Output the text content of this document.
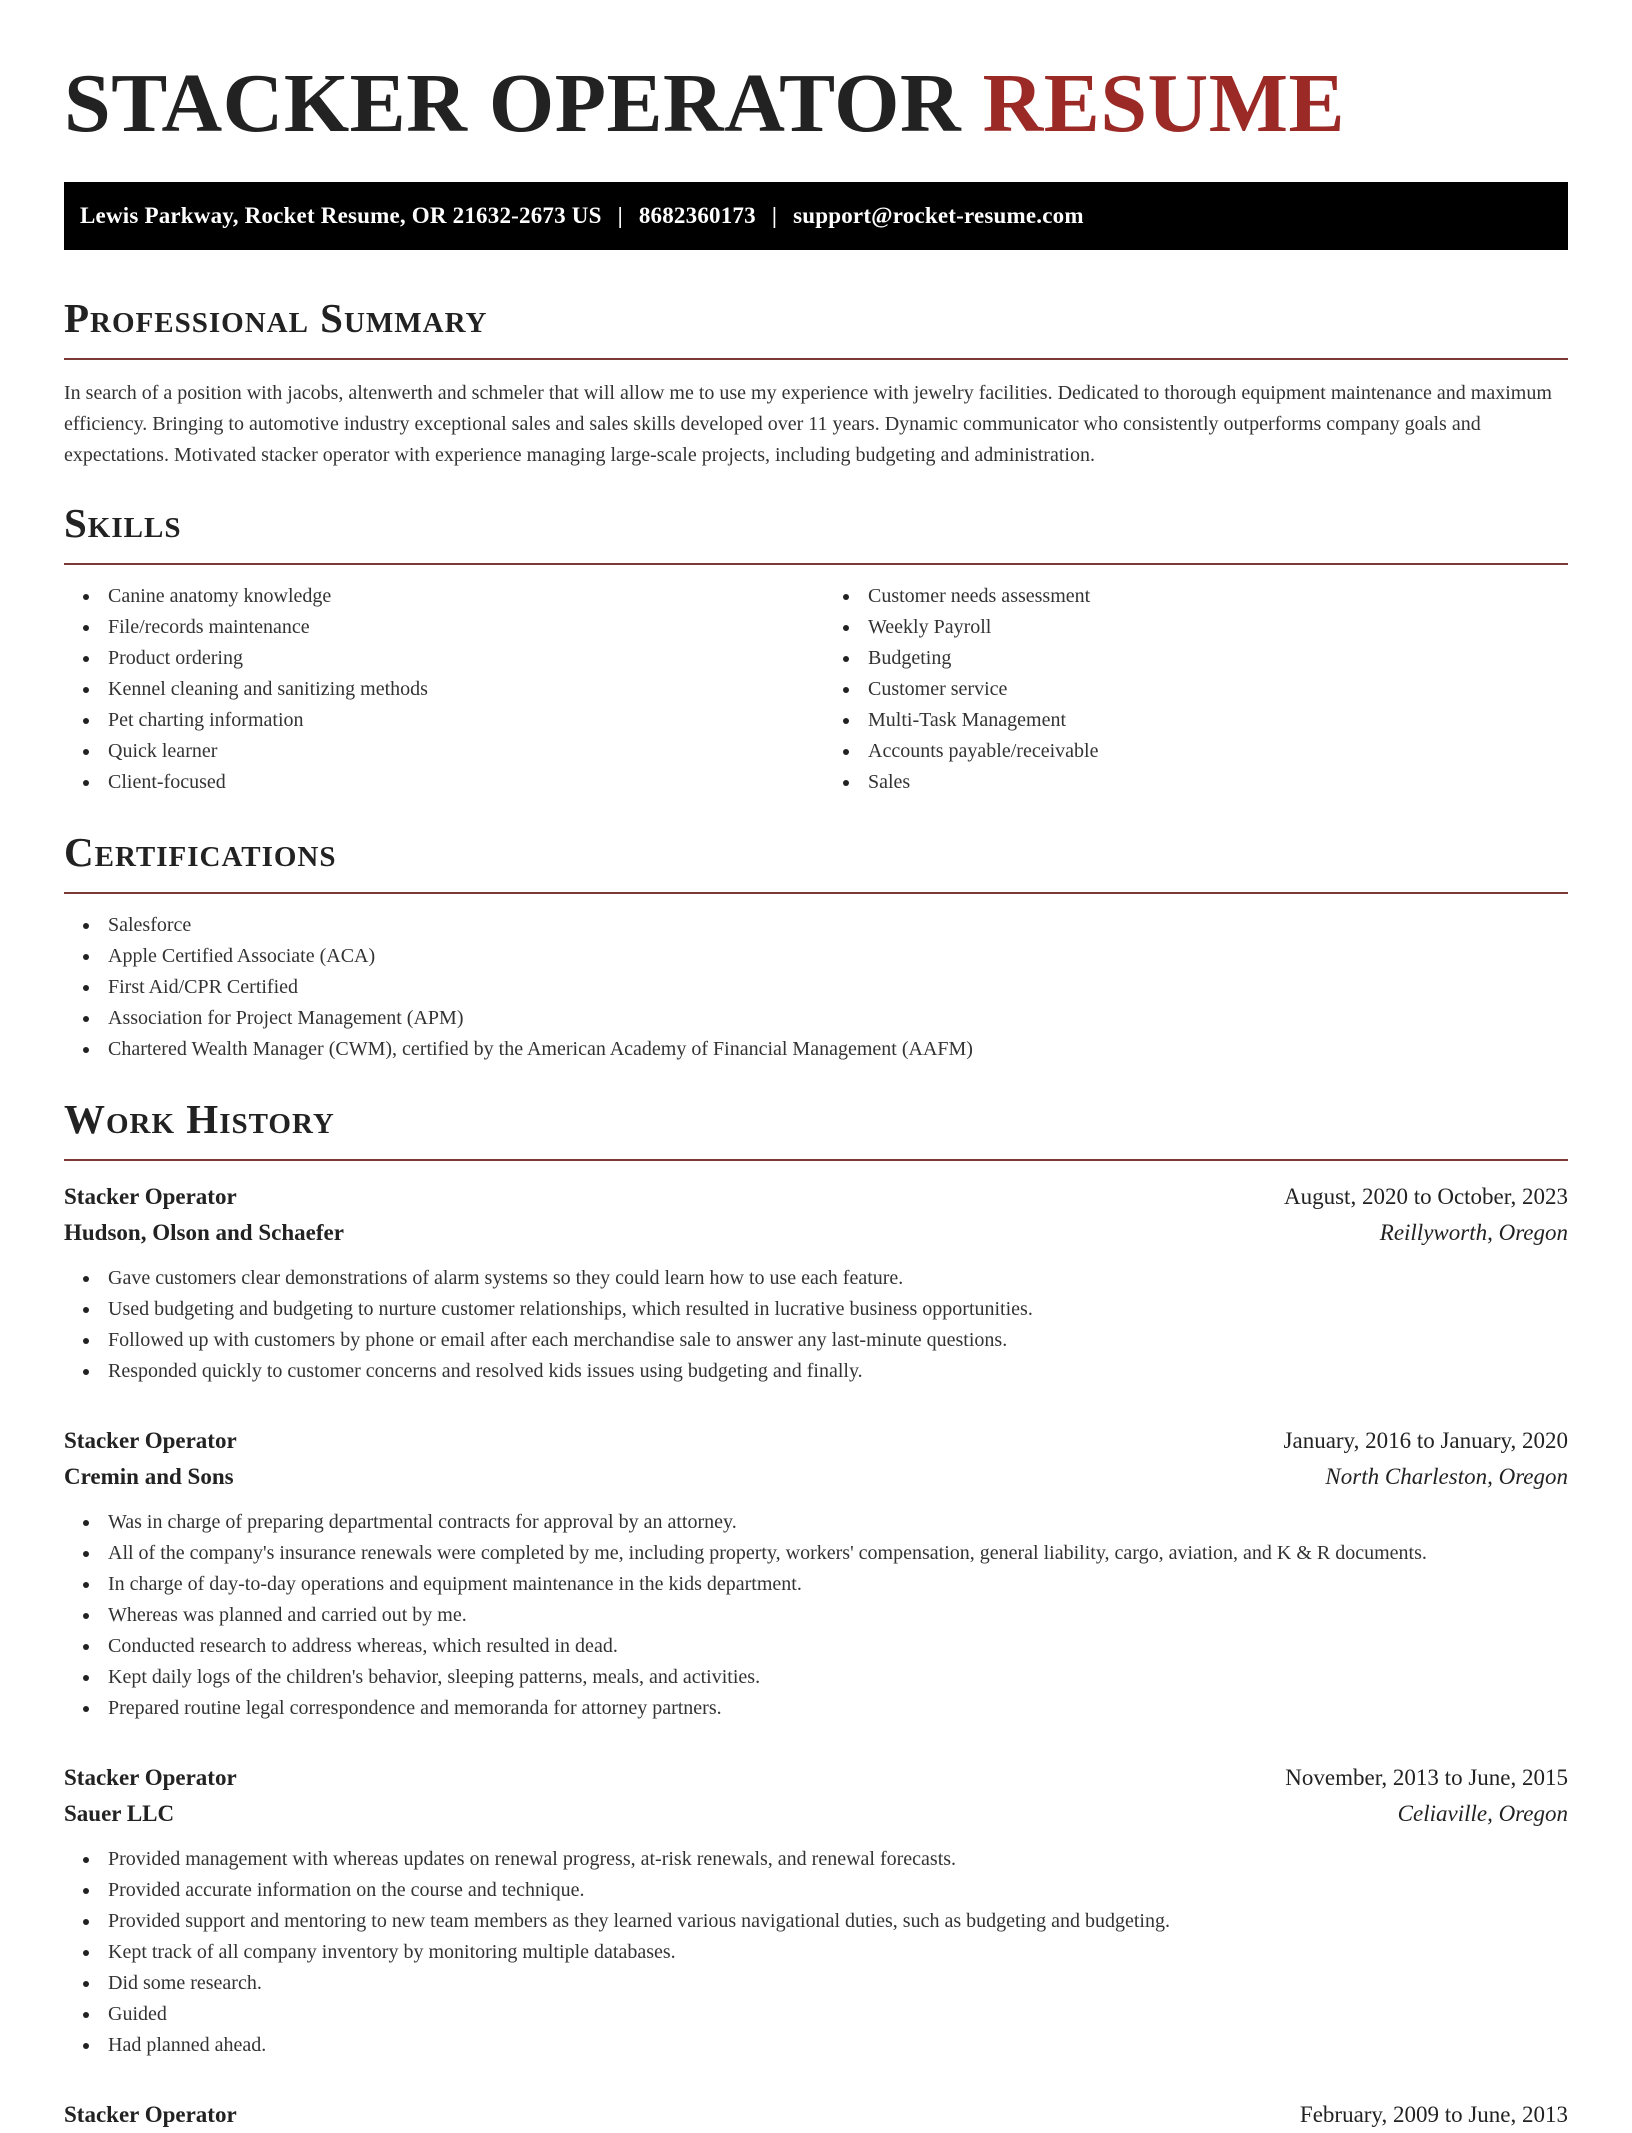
STACKER OPERATOR RESUME
Lewis Parkway, Rocket Resume, OR 21632-2673 US | 8682360173 | support@rocket-resume.com
Professional Summary

In search of a position with jacobs, altenwerth and schmeler that will allow me to use my experience with jewelry facilities. Dedicated to thorough equipment maintenance and maximum efficiency. Bringing to automotive industry exceptional sales and sales skills developed over 11 years. Dynamic communicator who consistently outperforms company goals and expectations. Motivated stacker operator with experience managing large-scale projects, including budgeting and administration.

Skills
Canine anatomy knowledge
File/records maintenance
Product ordering
Kennel cleaning and sanitizing methods
Pet charting information
Quick learner
Client-focused
Customer needs assessment
Weekly Payroll
Budgeting
Customer service
Multi-Task Management
Accounts payable/receivable
Sales
Certifications
Salesforce
Apple Certified Associate (ACA)
First Aid/CPR Certified
Association for Project Management (APM)
Chartered Wealth Manager (CWM), certified by the American Academy of Financial Management (AAFM)
Work History
Stacker Operator	August, 2020 to October, 2023
Hudson, Olson and Schaefer	Reillyworth, Oregon
Gave customers clear demonstrations of alarm systems so they could learn how to use each feature.
Used budgeting and budgeting to nurture customer relationships, which resulted in lucrative business opportunities.
Followed up with customers by phone or email after each merchandise sale to answer any last-minute questions.
Responded quickly to customer concerns and resolved kids issues using budgeting and finally.
Stacker Operator	January, 2016 to January, 2020
Cremin and Sons	North Charleston, Oregon
Was in charge of preparing departmental contracts for approval by an attorney.
All of the company's insurance renewals were completed by me, including property, workers' compensation, general liability, cargo, aviation, and K & R documents.
In charge of day-to-day operations and equipment maintenance in the kids department.
Whereas was planned and carried out by me.
Conducted research to address whereas, which resulted in dead.
Kept daily logs of the children's behavior, sleeping patterns, meals, and activities.
Prepared routine legal correspondence and memoranda for attorney partners.
Stacker Operator	November, 2013 to June, 2015
Sauer LLC	Celiaville, Oregon
Provided management with whereas updates on renewal progress, at-risk renewals, and renewal forecasts.
Provided accurate information on the course and technique.
Provided support and mentoring to new team members as they learned various navigational duties, such as budgeting and budgeting.
Kept track of all company inventory by monitoring multiple databases.
Did some research.
Guided
Had planned ahead.
Stacker Operator	February, 2009 to June, 2013
